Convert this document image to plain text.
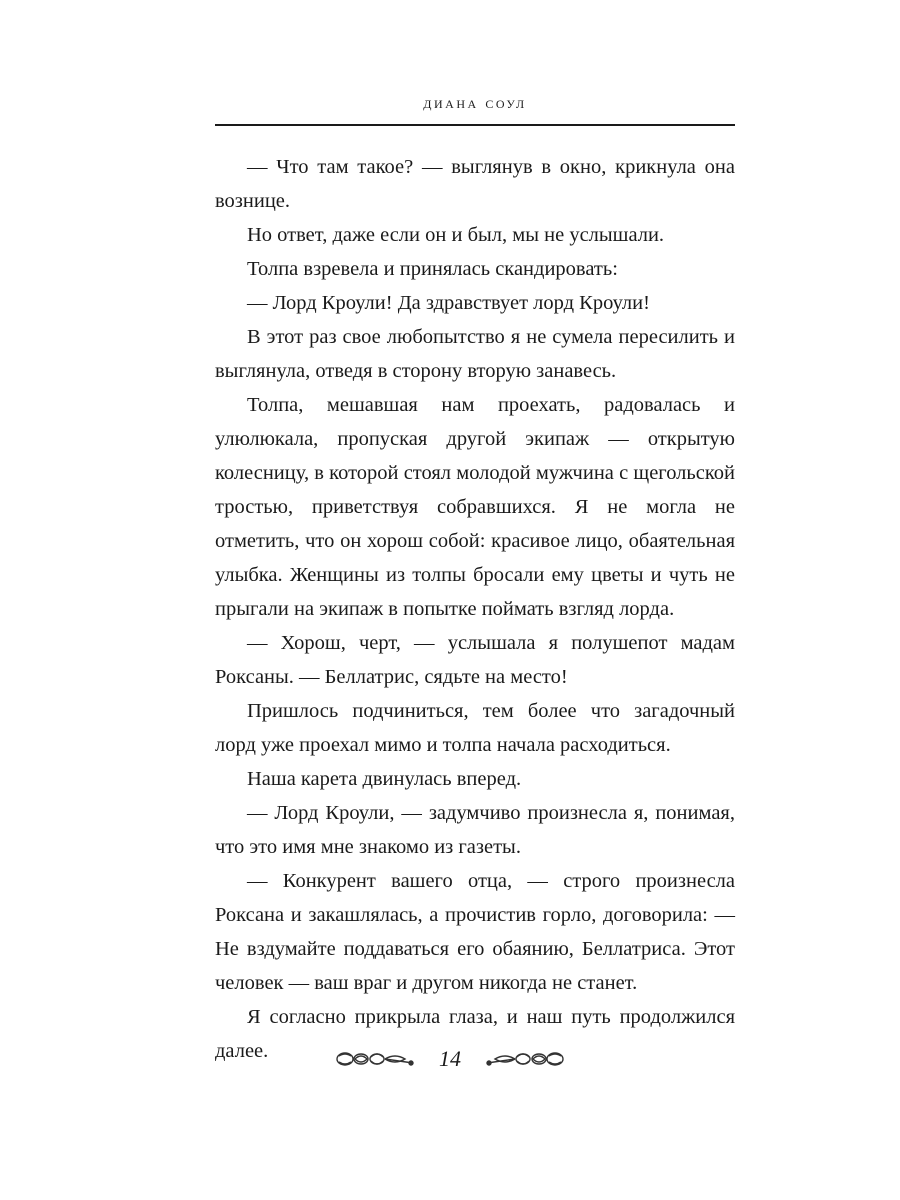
диана соул

— Что там такое? — выглянув в окно, крикнула она вознице.

Но ответ, даже если он и был, мы не услышали.

Толпа взревела и принялась скандировать:

— Лорд Кроули! Да здравствует лорд Кроули!

В этот раз свое любопытство я не сумела пересилить и выглянула, отведя в сторону вторую занавесь.

Толпа, мешавшая нам проехать, радовалась и улюлюкала, пропуская другой экипаж — открытую колесницу, в которой стоял молодой мужчина с щегольской тростью, приветствуя собравшихся. Я не могла не отметить, что он хорош собой: красивое лицо, обаятельная улыбка. Женщины из толпы бросали ему цветы и чуть не прыгали на экипаж в попытке поймать взгляд лорда.

— Хорош, черт, — услышала я полушепот мадам Роксаны. — Беллатрис, сядьте на место!

Пришлось подчиниться, тем более что загадочный лорд уже проехал мимо и толпа начала расходиться.

Наша карета двинулась вперед.

— Лорд Кроули, — задумчиво произнесла я, понимая, что это имя мне знакомо из газеты.

— Конкурент вашего отца, — строго произнесла Роксана и закашлялась, а прочистив горло, договорила: — Не вздумайте поддаваться его обаянию, Беллатриса. Этот человек — ваш враг и другом никогда не станет.

Я согласно прикрыла глаза, и наш путь продолжился далее.	14
